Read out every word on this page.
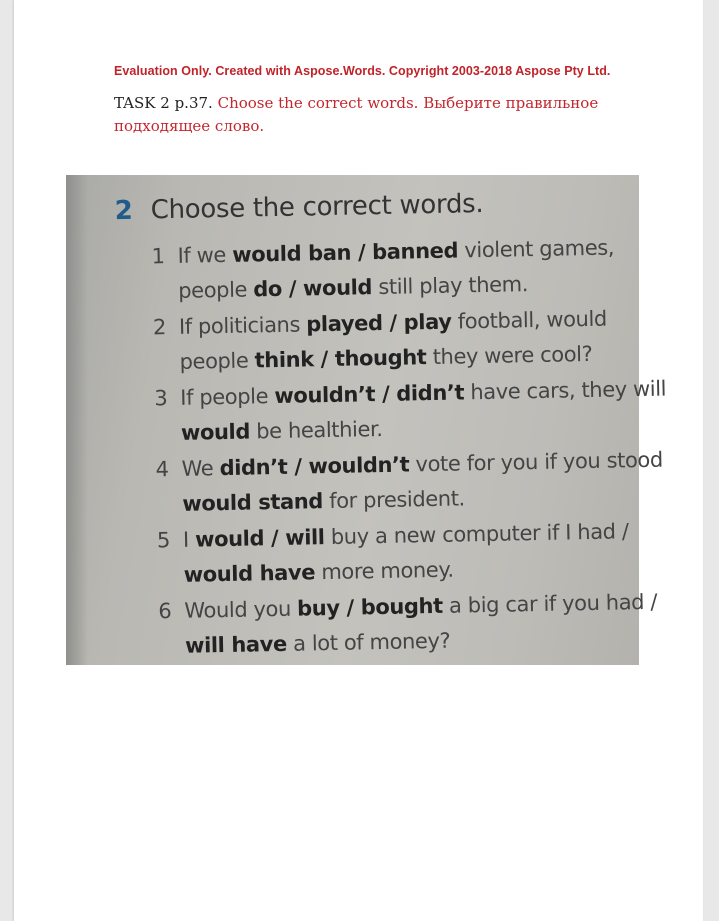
Evaluation Only. Created with Aspose.Words. Copyright 2003-2018 Aspose Pty Ltd.
TASK 2 p.37. Choose the correct words. Выберите правильное подходящее слово.
2 Choose the correct words.
1 If we would ban / banned violent games,
people do / would still play them.
2 If politicians played / play football, would
people think / thought they were cool?
3 If people wouldn’t / didn’t have cars, they will
would be healthier.
4 We didn’t / wouldn’t vote for you if you stood
would stand for president.
5 I would / will buy a new computer if I had /
would have more money.
6 Would you buy / bought a big car if you had /
will have a lot of money?
